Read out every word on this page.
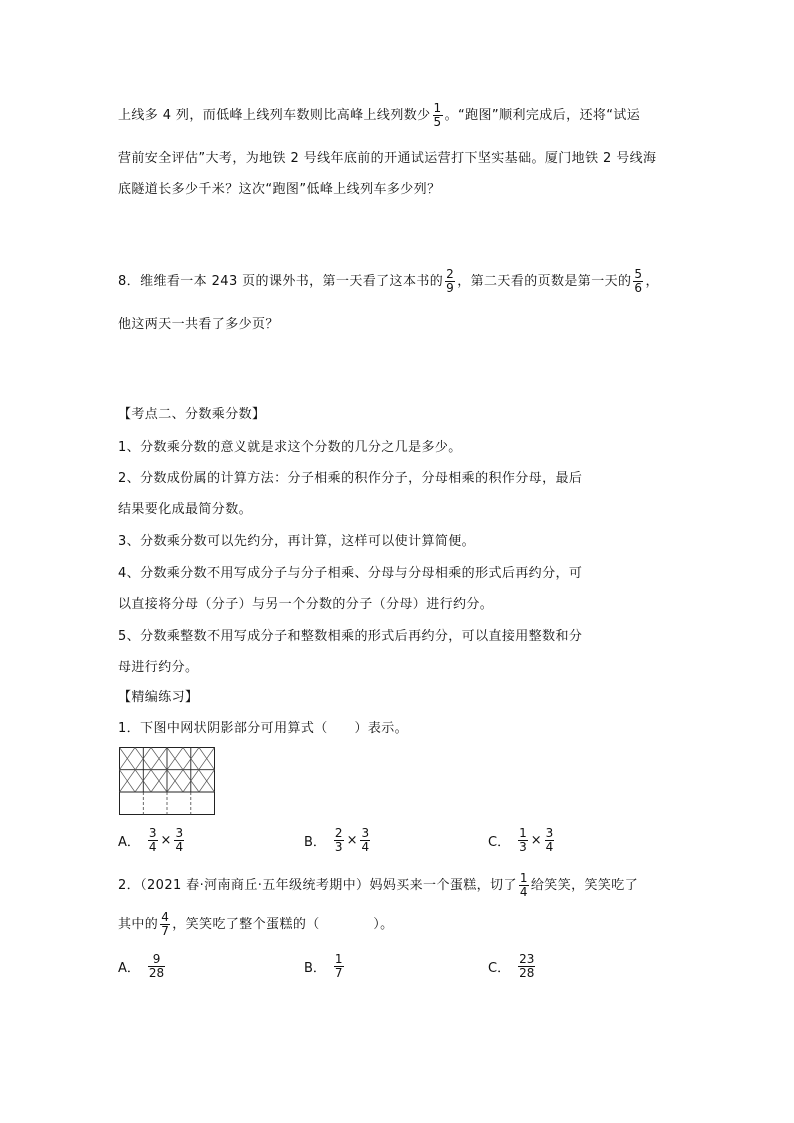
上线多 4 列，而低峰上线列车数则比高峰上线列数少 $\frac{1}{5}$ 。“跑图”顺利完成后，还将“试运
营前安全评估”大考，为地铁 2 号线年底前的开通试运营打下坚实基础。厦门地铁 2 号线海
底隧道长多少千米？这次“跑图”低峰上线列车多少列？
8．维维看一本 243 页的课外书，第一天看了这本书的 $\frac{2}{9}$ ，第二天看的页数是第一天的 $\frac{5}{6}$ ，
他这两天一共看了多少页？
【考点二、分数乘分数】
1、分数乘分数的意义就是求这个分数的几分之几是多少。
2、分数成份属的计算方法：分子相乘的积作分子，分母相乘的积作分母，最后
结果要化成最简分数。
3、分数乘分数可以先约分，再计算，这样可以使计算简便。
4、分数乘分数不用写成分子与分子相乘、分母与分母相乘的形式后再约分，可
以直接将分母（分子）与另一个分数的分子（分母）进行约分。
5、分数乘整数不用写成分子和整数相乘的形式后再约分，可以直接用整数和分
母进行约分。
【精编练习】
1．下图中网状阴影部分可用算式（　　）表示。
A． $\frac{3}{4} \times \frac{3}{4}$	B． $\frac{2}{3} \times \frac{3}{4}$	C． $\frac{1}{3} \times \frac{3}{4}$
2．（2021 春·河南商丘·五年级统考期中）妈妈买来一个蛋糕，切了 $\frac{1}{4}$ 给笑笑，笑笑吃了
其中的 $\frac{4}{7}$ ，笑笑吃了整个蛋糕的（　　　　）。
A． $\frac{9}{28}$	B． $\frac{1}{7}$	C． $\frac{23}{28}$
